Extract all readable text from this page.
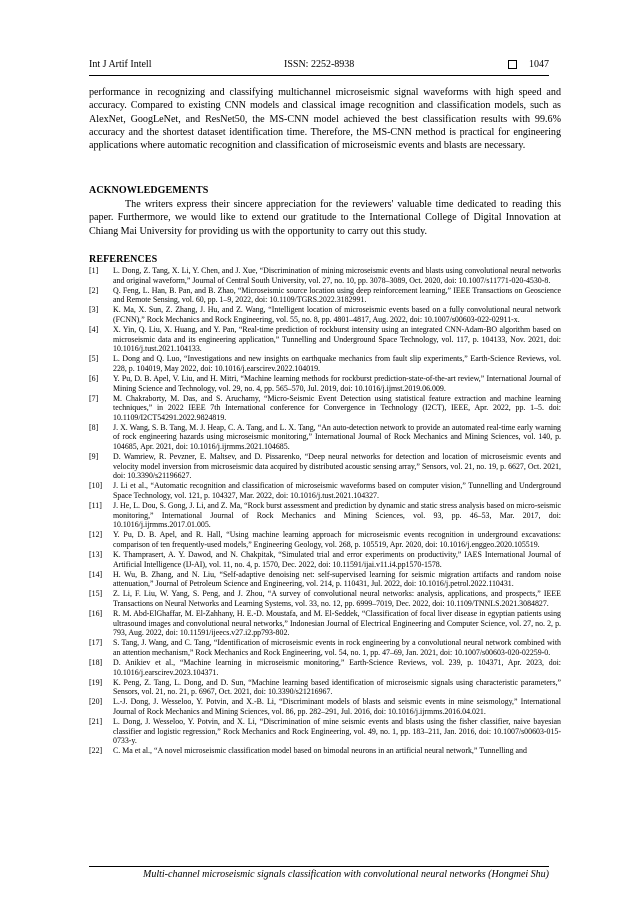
Int J Artif Intell	ISSN: 2252-8938	1047

performance in recognizing and classifying multichannel microseismic signal waveforms with high speed and accuracy. Compared to existing CNN models and classical image recognition and classification models, such as AlexNet, GoogLeNet, and ResNet50, the MS-CNN model achieved the best classification results with 99.6% accuracy and the shortest dataset identification time. Therefore, the MS-CNN method is practical for engineering applications where automatic recognition and classification of microseismic events and blasts are necessary.

ACKNOWLEDGEMENTS

The writers express their sincere appreciation for the reviewers' valuable time dedicated to reading this paper. Furthermore, we would like to extend our gratitude to the International College of Digital Innovation at Chiang Mai University for providing us with the opportunity to carry out this study.

REFERENCES
[1] L. Dong, Z. Tang, X. Li, Y. Chen, and J. Xue, “Discrimination of mining microseismic events and blasts using convolutional neural networks and original waveform,” Journal of Central South University, vol. 27, no. 10, pp. 3078–3089, Oct. 2020, doi: 10.1007/s11771-020-4530-8.
[2] Q. Feng, L. Han, B. Pan, and B. Zhao, “Microseismic source location using deep reinforcement learning,” IEEE Transactions on Geoscience and Remote Sensing, vol. 60, pp. 1–9, 2022, doi: 10.1109/TGRS.2022.3182991.
[3] K. Ma, X. Sun, Z. Zhang, J. Hu, and Z. Wang, “Intelligent location of microseismic events based on a fully convolutional neural network (FCNN),” Rock Mechanics and Rock Engineering, vol. 55, no. 8, pp. 4801–4817, Aug. 2022, doi: 10.1007/s00603-022-02911-x.
[4] X. Yin, Q. Liu, X. Huang, and Y. Pan, “Real-time prediction of rockburst intensity using an integrated CNN-Adam-BO algorithm based on microseismic data and its engineering application,” Tunnelling and Underground Space Technology, vol. 117, p. 104133, Nov. 2021, doi: 10.1016/j.tust.2021.104133.
[5] L. Dong and Q. Luo, “Investigations and new insights on earthquake mechanics from fault slip experiments,” Earth-Science Reviews, vol. 228, p. 104019, May 2022, doi: 10.1016/j.earscirev.2022.104019.
[6] Y. Pu, D. B. Apel, V. Liu, and H. Mitri, “Machine learning methods for rockburst prediction-state-of-the-art review,” International Journal of Mining Science and Technology, vol. 29, no. 4, pp. 565–570, Jul. 2019, doi: 10.1016/j.ijmst.2019.06.009.
[7] M. Chakraborty, M. Das, and S. Aruchamy, “Micro-Seismic Event Detection using statistical feature extraction and machine learning techniques,” in 2022 IEEE 7th International conference for Convergence in Technology (I2CT), IEEE, Apr. 2022, pp. 1–5. doi: 10.1109/I2CT54291.2022.9824819.
[8] J. X. Wang, S. B. Tang, M. J. Heap, C. A. Tang, and L. X. Tang, “An auto-detection network to provide an automated real-time early warning of rock engineering hazards using microseismic monitoring,” International Journal of Rock Mechanics and Mining Sciences, vol. 140, p. 104685, Apr. 2021, doi: 10.1016/j.ijrmms.2021.104685.
[9] D. Wamriew, R. Pevzner, E. Maltsev, and D. Pissarenko, “Deep neural networks for detection and location of microseismic events and velocity model inversion from microseismic data acquired by distributed acoustic sensing array,” Sensors, vol. 21, no. 19, p. 6627, Oct. 2021, doi: 10.3390/s21196627.
[10] J. Li et al., “Automatic recognition and classification of microseismic waveforms based on computer vision,” Tunnelling and Underground Space Technology, vol. 121, p. 104327, Mar. 2022, doi: 10.1016/j.tust.2021.104327.
[11] J. He, L. Dou, S. Gong, J. Li, and Z. Ma, “Rock burst assessment and prediction by dynamic and static stress analysis based on micro-seismic monitoring,” International Journal of Rock Mechanics and Mining Sciences, vol. 93, pp. 46–53, Mar. 2017, doi: 10.1016/j.ijrmms.2017.01.005.
[12] Y. Pu, D. B. Apel, and R. Hall, “Using machine learning approach for microseismic events recognition in underground excavations: comparison of ten frequently-used models,” Engineering Geology, vol. 268, p. 105519, Apr. 2020, doi: 10.1016/j.enggeo.2020.105519.
[13] K. Thamprasert, A. Y. Dawod, and N. Chakpitak, “Simulated trial and error experiments on productivity,” IAES International Journal of Artificial Intelligence (IJ-AI), vol. 11, no. 4, p. 1570, Dec. 2022, doi: 10.11591/ijai.v11.i4.pp1570-1578.
[14] H. Wu, B. Zhang, and N. Liu, “Self-adaptive denoising net: self-supervised learning for seismic migration artifacts and random noise attenuation,” Journal of Petroleum Science and Engineering, vol. 214, p. 110431, Jul. 2022, doi: 10.1016/j.petrol.2022.110431.
[15] Z. Li, F. Liu, W. Yang, S. Peng, and J. Zhou, “A survey of convolutional neural networks: analysis, applications, and prospects,” IEEE Transactions on Neural Networks and Learning Systems, vol. 33, no. 12, pp. 6999–7019, Dec. 2022, doi: 10.1109/TNNLS.2021.3084827.
[16] R. M. Abd-ElGhaffar, M. El-Zahhany, H. E.-D. Moustafa, and M. El-Seddek, “Classification of focal liver disease in egyptian patients using ultrasound images and convolutional neural networks,” Indonesian Journal of Electrical Engineering and Computer Science, vol. 27, no. 2, p. 793, Aug. 2022, doi: 10.11591/ijeecs.v27.i2.pp793-802.
[17] S. Tang, J. Wang, and C. Tang, “Identification of microseismic events in rock engineering by a convolutional neural network combined with an attention mechanism,” Rock Mechanics and Rock Engineering, vol. 54, no. 1, pp. 47–69, Jan. 2021, doi: 10.1007/s00603-020-02259-0.
[18] D. Anikiev et al., “Machine learning in microseismic monitoring,” Earth-Science Reviews, vol. 239, p. 104371, Apr. 2023, doi: 10.1016/j.earscirev.2023.104371.
[19] K. Peng, Z. Tang, L. Dong, and D. Sun, “Machine learning based identification of microseismic signals using characteristic parameters,” Sensors, vol. 21, no. 21, p. 6967, Oct. 2021, doi: 10.3390/s21216967.
[20] L.-J. Dong, J. Wesseloo, Y. Potvin, and X.-B. Li, “Discriminant models of blasts and seismic events in mine seismology,” International Journal of Rock Mechanics and Mining Sciences, vol. 86, pp. 282–291, Jul. 2016, doi: 10.1016/j.ijrmms.2016.04.021.
[21] L. Dong, J. Wesseloo, Y. Potvin, and X. Li, “Discrimination of mine seismic events and blasts using the fisher classifier, naive bayesian classifier and logistic regression,” Rock Mechanics and Rock Engineering, vol. 49, no. 1, pp. 183–211, Jan. 2016, doi: 10.1007/s00603-015-0733-y.
[22] C. Ma et al., “A novel microseismic classification model based on bimodal neurons in an artificial neural network,” Tunnelling and
Multi-channel microseismic signals classification with convolutional neural networks (Hongmei Shu)
